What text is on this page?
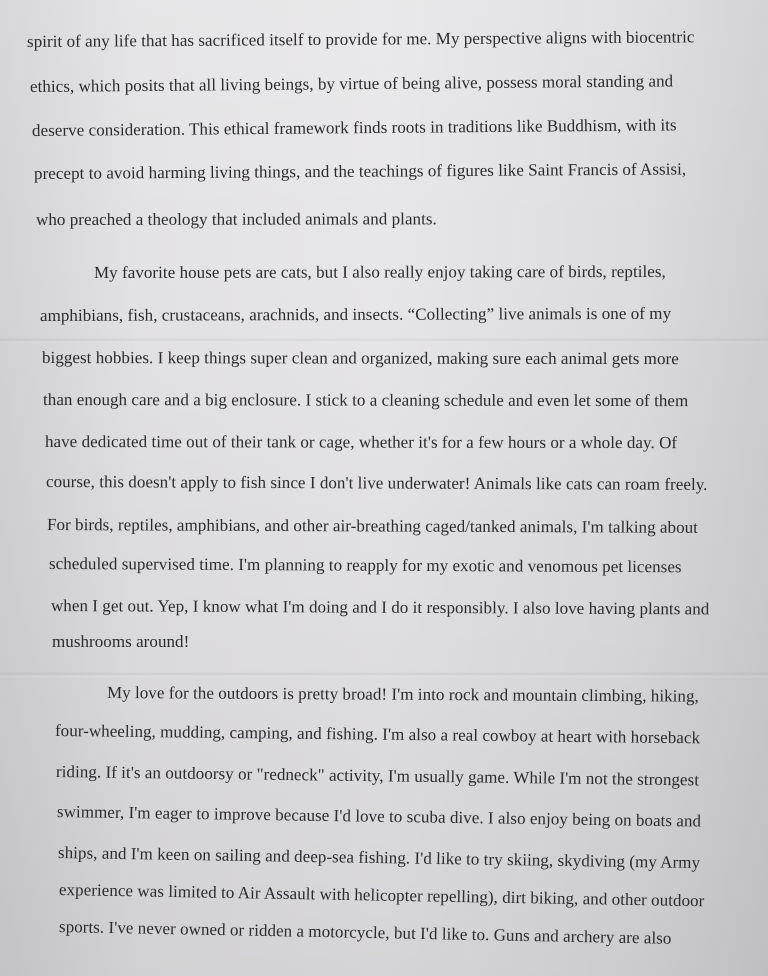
spirit of any life that has sacrificed itself to provide for me. My perspective aligns with biocentric
ethics, which posits that all living beings, by virtue of being alive, possess moral standing and
deserve consideration. This ethical framework finds roots in traditions like Buddhism, with its
precept to avoid harming living things, and the teachings of figures like Saint Francis of Assisi,
who preached a theology that included animals and plants.
My favorite house pets are cats, but I also really enjoy taking care of birds, reptiles,
amphibians, fish, crustaceans, arachnids, and insects. “Collecting” live animals is one of my
biggest hobbies. I keep things super clean and organized, making sure each animal gets more
than enough care and a big enclosure. I stick to a cleaning schedule and even let some of them
have dedicated time out of their tank or cage, whether it's for a few hours or a whole day. Of
course, this doesn't apply to fish since I don't live underwater! Animals like cats can roam freely.
For birds, reptiles, amphibians, and other air-breathing caged/tanked animals, I'm talking about
scheduled supervised time. I'm planning to reapply for my exotic and venomous pet licenses
when I get out. Yep, I know what I'm doing and I do it responsibly. I also love having plants and
mushrooms around!
My love for the outdoors is pretty broad! I'm into rock and mountain climbing, hiking,
four-wheeling, mudding, camping, and fishing. I'm also a real cowboy at heart with horseback
riding. If it's an outdoorsy or "redneck" activity, I'm usually game. While I'm not the strongest
swimmer, I'm eager to improve because I'd love to scuba dive. I also enjoy being on boats and
ships, and I'm keen on sailing and deep-sea fishing. I'd like to try skiing, skydiving (my Army
experience was limited to Air Assault with helicopter repelling), dirt biking, and other outdoor
sports. I've never owned or ridden a motorcycle, but I'd like to. Guns and archery are also
